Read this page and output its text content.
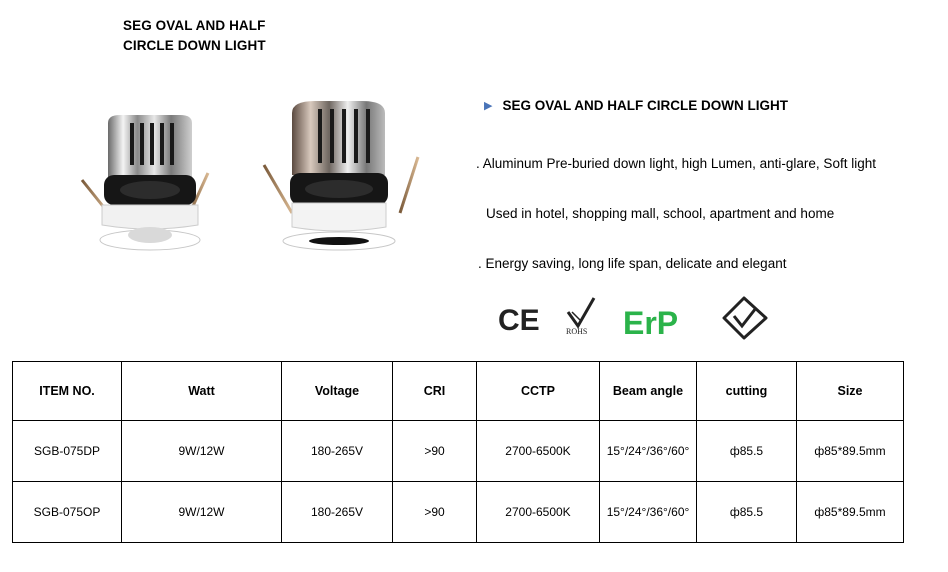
SEG OVAL AND HALF
CIRCLE DOWN LIGHT
▶ SEG OVAL AND HALF CIRCLE DOWN LIGHT
. Aluminum Pre-buried down light, high Lumen, anti-glare, Soft light
Used in hotel, shopping mall, school, apartment and home
. Energy saving, long life span, delicate and elegant
CE	ROHS ErP
ITEM NO.	Watt	Voltage	CRI	CCTP	Beam angle	cutting	Size
SGB-075DP	9W/12W	180-265V	>90	2700-6500K	15°/24°/36°/60°	ф85.5	ф85*89.5mm
SGB-075OP	9W/12W	180-265V	>90	2700-6500K	15°/24°/36°/60°	ф85.5	ф85*89.5mm
